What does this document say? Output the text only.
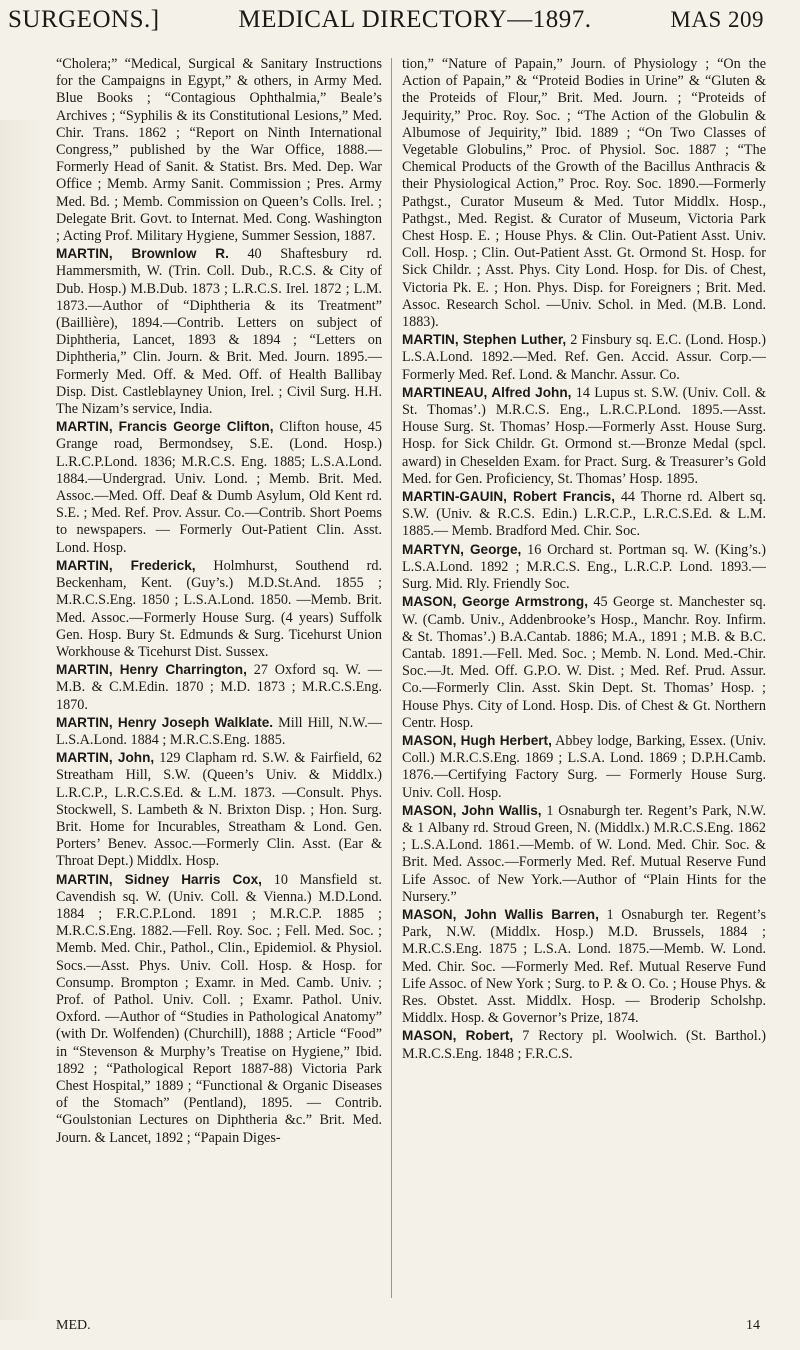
SURGEONS.]	MEDICAL DIRECTORY—1897.	MAS 209

“Cholera;” “Medical, Surgical & Sanitary Instructions for the Campaigns in Egypt,” & others, in Army Med. Blue Books ; “Contagious Ophthalmia,” Beale’s Archives ; “Syphilis & its Constitutional Lesions,” Med. Chir. Trans. 1862 ; “Report on Ninth International Congress,” published by the War Office, 1888.—Formerly Head of Sanit. & Statist. Brs. Med. Dep. War Office ; Memb. Army Sanit. Commission ; Pres. Army Med. Bd. ; Memb. Commission on Queen’s Colls. Irel. ; Delegate Brit. Govt. to Internat. Med. Cong. Washington ; Acting Prof. Military Hygiene, Summer Session, 1887.

MARTIN, Brownlow R. 40 Shaftesbury rd. Hammersmith, W. (Trin. Coll. Dub., R.C.S. & City of Dub. Hosp.) M.B.Dub. 1873 ; L.R.C.S. Irel. 1872 ; L.M. 1873.—Author of “Diphtheria & its Treatment” (Baillière), 1894.—Contrib. Letters on subject of Diphtheria, Lancet, 1893 & 1894 ; “Letters on Diphtheria,” Clin. Journ. & Brit. Med. Journ. 1895.—Formerly Med. Off. & Med. Off. of Health Ballibay Disp. Dist. Castleblayney Union, Irel. ; Civil Surg. H.H. The Nizam’s service, India.

MARTIN, Francis George Clifton, Clifton house, 45 Grange road, Bermondsey, S.E. (Lond. Hosp.) L.R.C.P.Lond. 1836; M.R.C.S. Eng. 1885; L.S.A.Lond. 1884.—Undergrad. Univ. Lond. ; Memb. Brit. Med. Assoc.—Med. Off. Deaf & Dumb Asylum, Old Kent rd. S.E. ; Med. Ref. Prov. Assur. Co.—Contrib. Short Poems to newspapers. — Formerly Out-Patient Clin. Asst. Lond. Hosp.

MARTIN, Frederick, Holmhurst, Southend rd. Beckenham, Kent. (Guy’s.) M.D.St.And. 1855 ; M.R.C.S.Eng. 1850 ; L.S.A.Lond. 1850. —Memb. Brit. Med. Assoc.—Formerly House Surg. (4 years) Suffolk Gen. Hosp. Bury St. Edmunds & Surg. Ticehurst Union Workhouse & Ticehurst Dist. Sussex.

MARTIN, Henry Charrington, 27 Oxford sq. W. — M.B. & C.M.Edin. 1870 ; M.D. 1873 ; M.R.C.S.Eng. 1870.

MARTIN, Henry Joseph Walklate. Mill Hill, N.W.—L.S.A.Lond. 1884 ; M.R.C.S.Eng. 1885.

MARTIN, John, 129 Clapham rd. S.W. & Fairfield, 62 Streatham Hill, S.W. (Queen’s Univ. & Middlx.) L.R.C.P., L.R.C.S.Ed. & L.M. 1873. —Consult. Phys. Stockwell, S. Lambeth & N. Brixton Disp. ; Hon. Surg. Brit. Home for Incurables, Streatham & Lond. Gen. Porters’ Benev. Assoc.—Formerly Clin. Asst. (Ear & Throat Dept.) Middlx. Hosp.

MARTIN, Sidney Harris Cox, 10 Mansfield st. Cavendish sq. W. (Univ. Coll. & Vienna.) M.D.Lond. 1884 ; F.R.C.P.Lond. 1891 ; M.R.C.P. 1885 ; M.R.C.S.Eng. 1882.—Fell. Roy. Soc. ; Fell. Med. Soc. ; Memb. Med. Chir., Pathol., Clin., Epidemiol. & Physiol. Socs.—Asst. Phys. Univ. Coll. Hosp. & Hosp. for Consump. Brompton ; Examr. in Med. Camb. Univ. ; Prof. of Pathol. Univ. Coll. ; Examr. Pathol. Univ. Oxford. —Author of “Studies in Pathological Anatomy” (with Dr. Wolfenden) (Churchill), 1888 ; Article “Food” in “Stevenson & Murphy’s Treatise on Hygiene,” Ibid. 1892 ; “Pathological Report 1887-88) Victoria Park Chest Hospital,” 1889 ; “Functional & Organic Diseases of the Stomach” (Pentland), 1895. — Contrib. “Goulstonian Lectures on Diphtheria &c.” Brit. Med. Journ. & Lancet, 1892 ; “Papain Diges-

tion,” “Nature of Papain,” Journ. of Physiology ; “On the Action of Papain,” & “Proteid Bodies in Urine” & “Gluten & the Proteids of Flour,” Brit. Med. Journ. ; “Proteids of Jequirity,” Proc. Roy. Soc. ; “The Action of the Globulin & Albumose of Jequirity,” Ibid. 1889 ; “On Two Classes of Vegetable Globulins,” Proc. of Physiol. Soc. 1887 ; “The Chemical Products of the Growth of the Bacillus Anthracis & their Physiological Action,” Proc. Roy. Soc. 1890.—Formerly Pathgst., Curator Museum & Med. Tutor Middlx. Hosp., Pathgst., Med. Regist. & Curator of Museum, Victoria Park Chest Hosp. E. ; House Phys. & Clin. Out-Patient Asst. Univ. Coll. Hosp. ; Clin. Out-Patient Asst. Gt. Ormond St. Hosp. for Sick Childr. ; Asst. Phys. City Lond. Hosp. for Dis. of Chest, Victoria Pk. E. ; Hon. Phys. Disp. for Foreigners ; Brit. Med. Assoc. Research Schol. —Univ. Schol. in Med. (M.B. Lond. 1883).

MARTIN, Stephen Luther, 2 Finsbury sq. E.C. (Lond. Hosp.) L.S.A.Lond. 1892.—Med. Ref. Gen. Accid. Assur. Corp.—Formerly Med. Ref. Lond. & Manchr. Assur. Co.

MARTINEAU, Alfred John, 14 Lupus st. S.W. (Univ. Coll. & St. Thomas’.) M.R.C.S. Eng., L.R.C.P.Lond. 1895.—Asst. House Surg. St. Thomas’ Hosp.—Formerly Asst. House Surg. Hosp. for Sick Childr. Gt. Ormond st.—Bronze Medal (spcl. award) in Cheselden Exam. for Pract. Surg. & Treasurer’s Gold Med. for Gen. Proficiency, St. Thomas’ Hosp. 1895.

MARTIN-GAUIN, Robert Francis, 44 Thorne rd. Albert sq. S.W. (Univ. & R.C.S. Edin.) L.R.C.P., L.R.C.S.Ed. & L.M. 1885.— Memb. Bradford Med. Chir. Soc.

MARTYN, George, 16 Orchard st. Portman sq. W. (King’s.) L.S.A.Lond. 1892 ; M.R.C.S. Eng., L.R.C.P. Lond. 1893.—Surg. Mid. Rly. Friendly Soc.

MASON, George Armstrong, 45 George st. Manchester sq. W. (Camb. Univ., Addenbrooke’s Hosp., Manchr. Roy. Infirm. & St. Thomas’.) B.A.Cantab. 1886; M.A., 1891 ; M.B. & B.C. Cantab. 1891.—Fell. Med. Soc. ; Memb. N. Lond. Med.-Chir. Soc.—Jt. Med. Off. G.P.O. W. Dist. ; Med. Ref. Prud. Assur. Co.—Formerly Clin. Asst. Skin Dept. St. Thomas’ Hosp. ; House Phys. City of Lond. Hosp. Dis. of Chest & Gt. Northern Centr. Hosp.

MASON, Hugh Herbert, Abbey lodge, Barking, Essex. (Univ. Coll.) M.R.C.S.Eng. 1869 ; L.S.A. Lond. 1869 ; D.P.H.Camb. 1876.—Certifying Factory Surg. — Formerly House Surg. Univ. Coll. Hosp.

MASON, John Wallis, 1 Osnaburgh ter. Regent’s Park, N.W. & 1 Albany rd. Stroud Green, N. (Middlx.) M.R.C.S.Eng. 1862 ; L.S.A.Lond. 1861.—Memb. of W. Lond. Med. Chir. Soc. & Brit. Med. Assoc.—Formerly Med. Ref. Mutual Reserve Fund Life Assoc. of New York.—Author of “Plain Hints for the Nursery.”

MASON, John Wallis Barren, 1 Osnaburgh ter. Regent’s Park, N.W. (Middlx. Hosp.) M.D. Brussels, 1884 ; M.R.C.S.Eng. 1875 ; L.S.A. Lond. 1875.—Memb. W. Lond. Med. Chir. Soc. —Formerly Med. Ref. Mutual Reserve Fund Life Assoc. of New York ; Surg. to P. & O. Co. ; House Phys. & Res. Obstet. Asst. Middlx. Hosp. — Broderip Scholshp. Middlx. Hosp. & Governor’s Prize, 1874.

MASON, Robert, 7 Rectory pl. Woolwich. (St. Barthol.) M.R.C.S.Eng. 1848 ; F.R.C.S.

MED.	14
